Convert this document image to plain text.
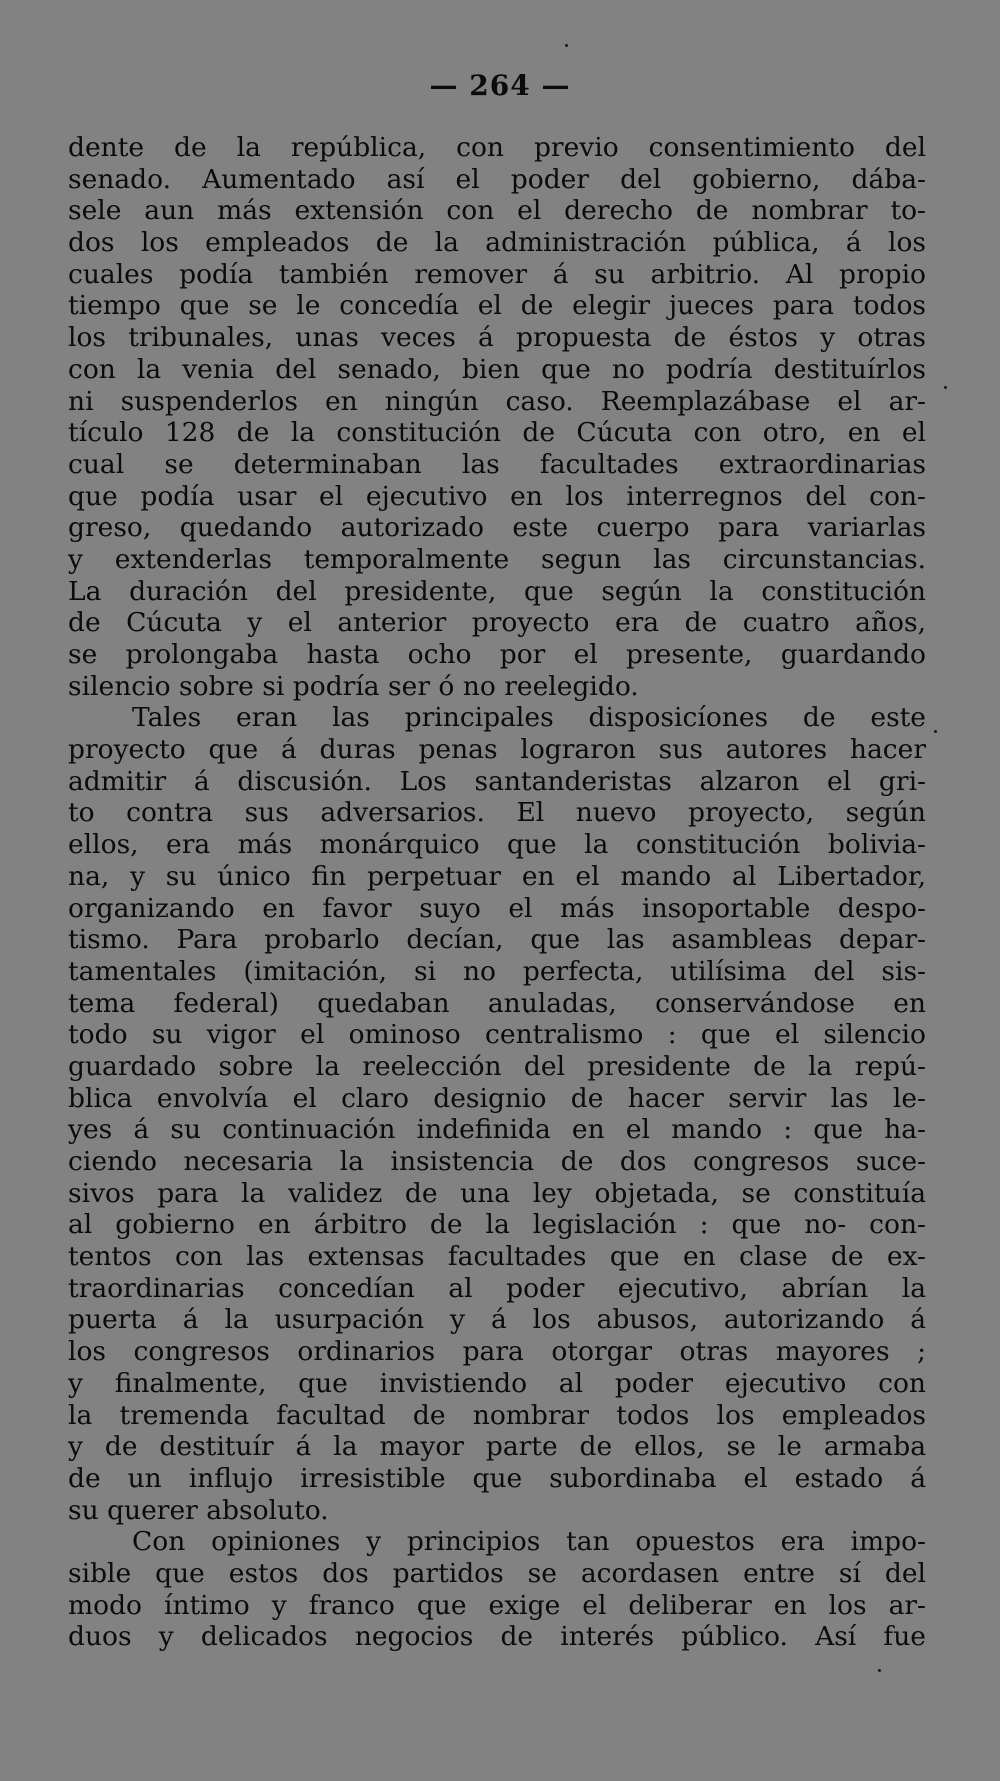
— 264 —
dente de la república, con previo consentimiento del
senado. Aumentado así el poder del gobierno, dába-
sele aun más extensión con el derecho de nombrar to-
dos los empleados de la administración pública, á los
cuales podía también remover á su arbitrio. Al propio
tiempo que se le concedía el de elegir jueces para todos
los tribunales, unas veces á propuesta de éstos y otras
con la venia del senado, bien que no podría destituírlos
ni suspenderlos en ningún caso. Reemplazábase el ar-
tículo 128 de la constitución de Cúcuta con otro, en el
cual se determinaban las facultades extraordinarias
que podía usar el ejecutivo en los interregnos del con-
greso, quedando autorizado este cuerpo para variarlas
y extenderlas temporalmente segun las circunstancias.
La duración del presidente, que según la constitución
de Cúcuta y el anterior proyecto era de cuatro años,
se prolongaba hasta ocho por el presente, guardando
silencio sobre si podría ser ó no reelegido.
Tales eran las principales disposicíones de este
proyecto que á duras penas lograron sus autores hacer
admitir á discusión. Los santanderistas alzaron el gri-
to contra sus adversarios. El nuevo proyecto, según
ellos, era más monárquico que la constitución bolivia-
na, y su único fin perpetuar en el mando al Libertador,
organizando en favor suyo el más insoportable despo-
tismo. Para probarlo decían, que las asambleas depar-
tamentales (imitación, si no perfecta, utilísima del sis-
tema federal) quedaban anuladas, conservándose en
todo su vigor el ominoso centralismo : que el silencio
guardado sobre la reelección del presidente de la repú-
blica envolvía el claro designio de hacer servir las le-
yes á su continuación indefinida en el mando : que ha-
ciendo necesaria la insistencia de dos congresos suce-
sivos para la validez de una ley objetada, se constituía
al gobierno en árbitro de la legislación : que no- con-
tentos con las extensas facultades que en clase de ex-
traordinarias concedían al poder ejecutivo, abrían la
puerta á la usurpación y á los abusos, autorizando á
los congresos ordinarios para otorgar otras mayores ;
y finalmente, que invistiendo al poder ejecutivo con
la tremenda facultad de nombrar todos los empleados
y de destituír á la mayor parte de ellos, se le armaba
de un influjo irresistible que subordinaba el estado á
su querer absoluto.
Con opiniones y principios tan opuestos era impo-
sible que estos dos partidos se acordasen entre sí del
modo íntimo y franco que exige el deliberar en los ar-
duos y delicados negocios de interés público. Así fue
